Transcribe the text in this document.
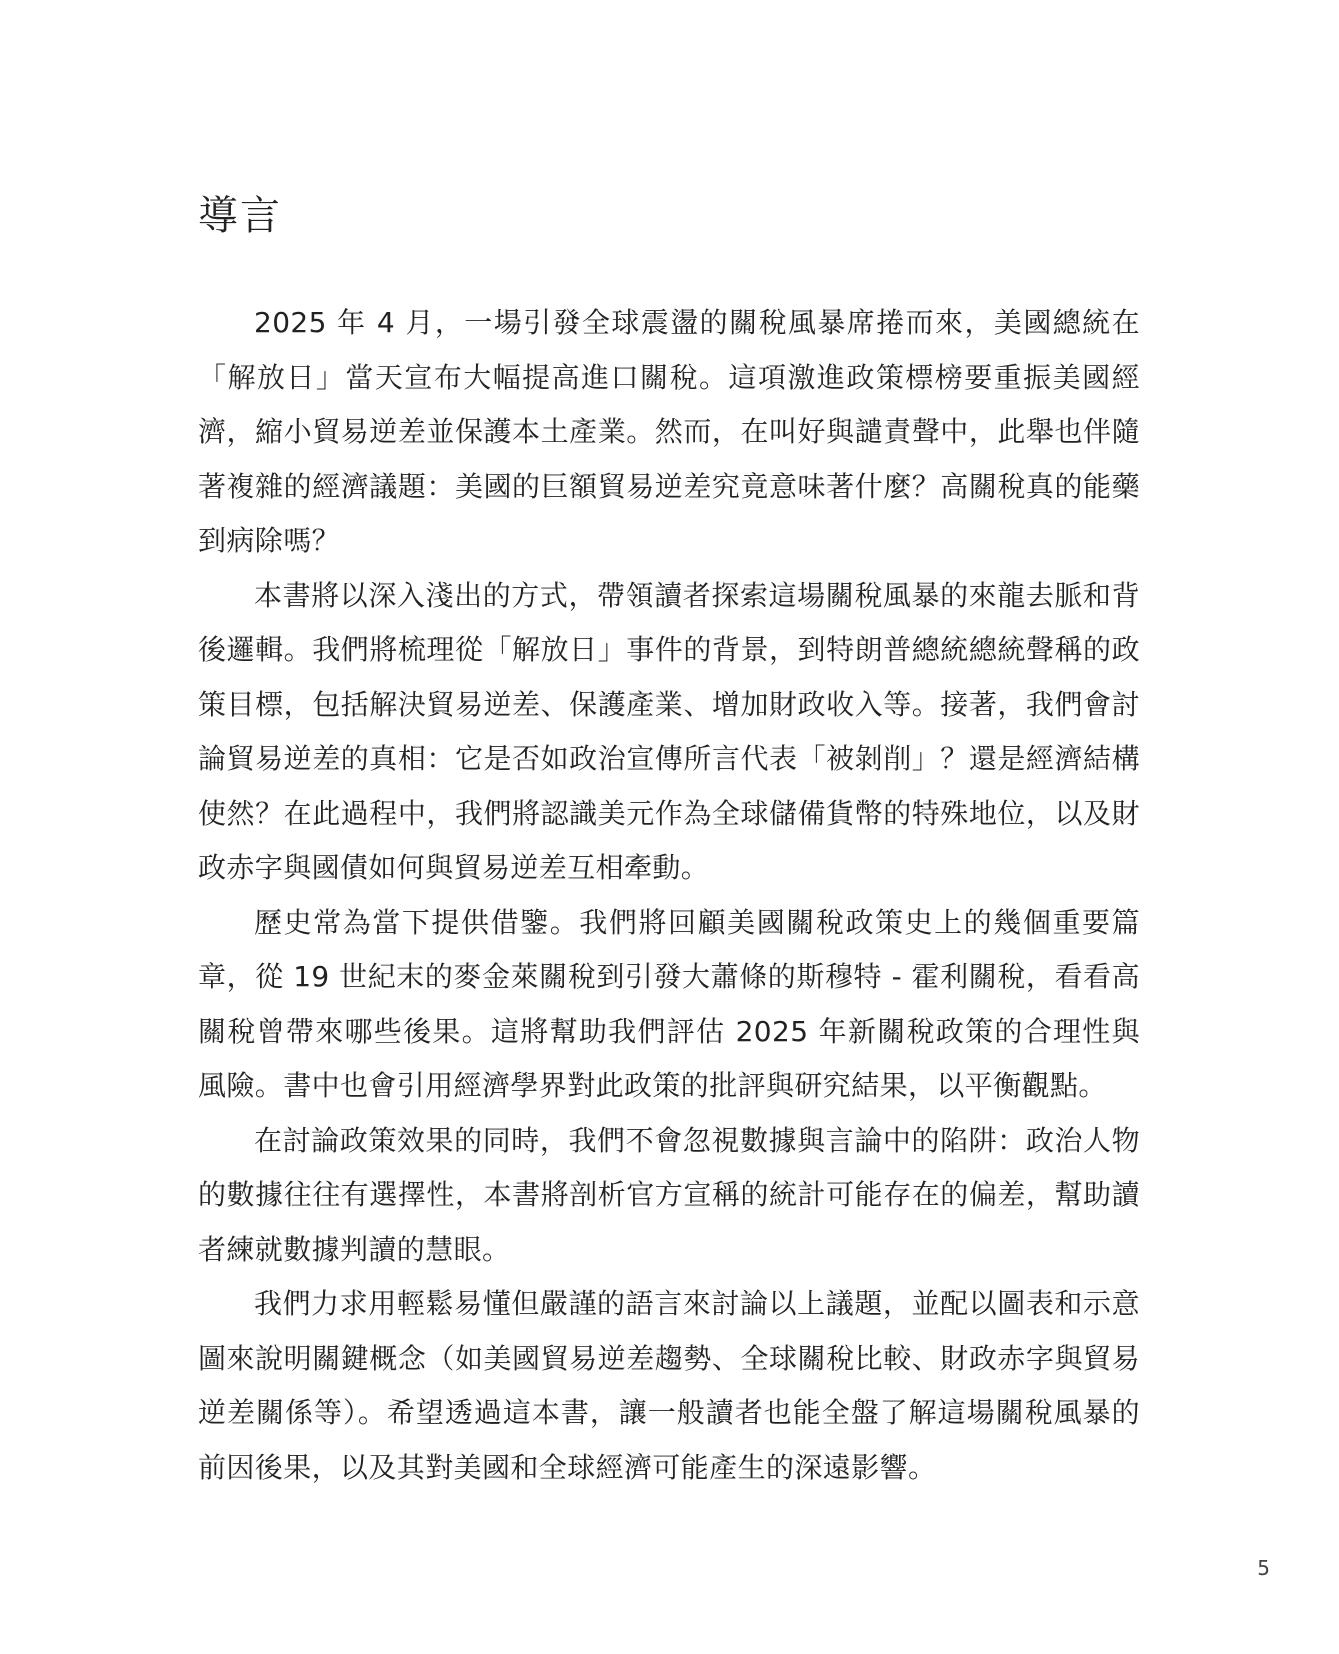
導言

2025 年 4 月，一場引發全球震盪的關稅風暴席捲而來，美國總統在「解放日」當天宣布大幅提高進口關稅。這項激進政策標榜要重振美國經濟，縮小貿易逆差並保護本土產業。然而，在叫好與譴責聲中，此舉也伴隨著複雜的經濟議題：美國的巨額貿易逆差究竟意味著什麼？高關稅真的能藥到病除嗎？

本書將以深入淺出的方式，帶領讀者探索這場關稅風暴的來龍去脈和背後邏輯。我們將梳理從「解放日」事件的背景，到特朗普總統總統聲稱的政策目標，包括解決貿易逆差、保護產業、增加財政收入等。接著，我們會討論貿易逆差的真相：它是否如政治宣傳所言代表「被剝削」？還是經濟結構使然？在此過程中，我們將認識美元作為全球儲備貨幣的特殊地位，以及財政赤字與國債如何與貿易逆差互相牽動。

歷史常為當下提供借鑒。我們將回顧美國關稅政策史上的幾個重要篇章，從 19 世紀末的麥金萊關稅到引發大蕭條的斯穆特 - 霍利關稅，看看高關稅曾帶來哪些後果。這將幫助我們評估 2025 年新關稅政策的合理性與風險。書中也會引用經濟學界對此政策的批評與研究結果，以平衡觀點。

在討論政策效果的同時，我們不會忽視數據與言論中的陷阱：政治人物的數據往往有選擇性，本書將剖析官方宣稱的統計可能存在的偏差，幫助讀者練就數據判讀的慧眼。

我們力求用輕鬆易懂但嚴謹的語言來討論以上議題，並配以圖表和示意圖來說明關鍵概念（如美國貿易逆差趨勢、全球關稅比較、財政赤字與貿易逆差關係等）。希望透過這本書，讓一般讀者也能全盤了解這場關稅風暴的前因後果，以及其對美國和全球經濟可能產生的深遠影響。

5
